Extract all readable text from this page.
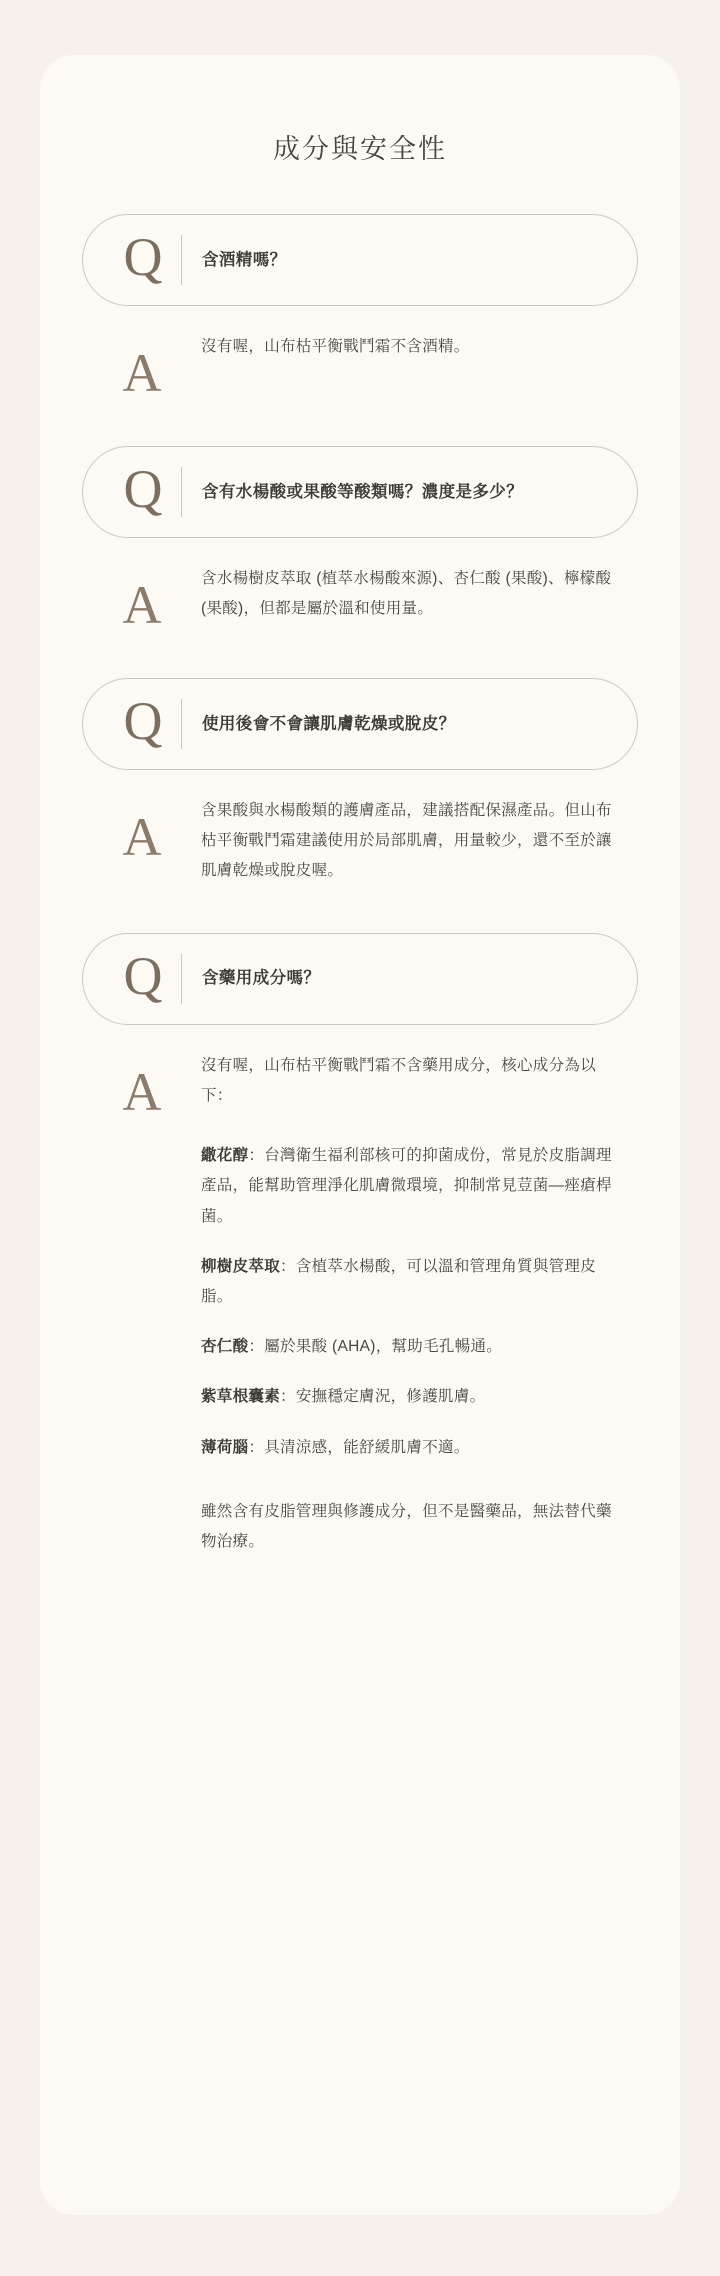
成分與安全性
Q	含酒精嗎？
A	沒有喔，山布枯平衡戰鬥霜不含酒精。

Q	含有水楊酸或果酸等酸類嗎？濃度是多少？
A	含水楊樹皮萃取 (植萃水楊酸來源)、杏仁酸 (果酸)、檸檬酸 (果酸)，但都是屬於溫和使用量。

Q	使用後會不會讓肌膚乾燥或脫皮？
A	含果酸與水楊酸類的護膚產品，建議搭配保濕產品。但山布枯平衡戰鬥霜建議使用於局部肌膚，用量較少，還不至於讓肌膚乾燥或脫皮喔。

Q	含藥用成分嗎？
A	沒有喔，山布枯平衡戰鬥霜不含藥用成分，核心成分為以下：

繖花醇：台灣衛生福利部核可的抑菌成份，常見於皮脂調理產品，能幫助管理淨化肌膚微環境，抑制常見荳菌—痤瘡桿菌。

柳樹皮萃取：含植萃水楊酸，可以溫和管理角質與管理皮脂。

杏仁酸：屬於果酸 (AHA)，幫助毛孔暢通。

紫草根囊素：安撫穩定膚況，修護肌膚。

薄荷腦：具清涼感，能舒緩肌膚不適。

雖然含有皮脂管理與修護成分，但不是醫藥品，無法替代藥物治療。
